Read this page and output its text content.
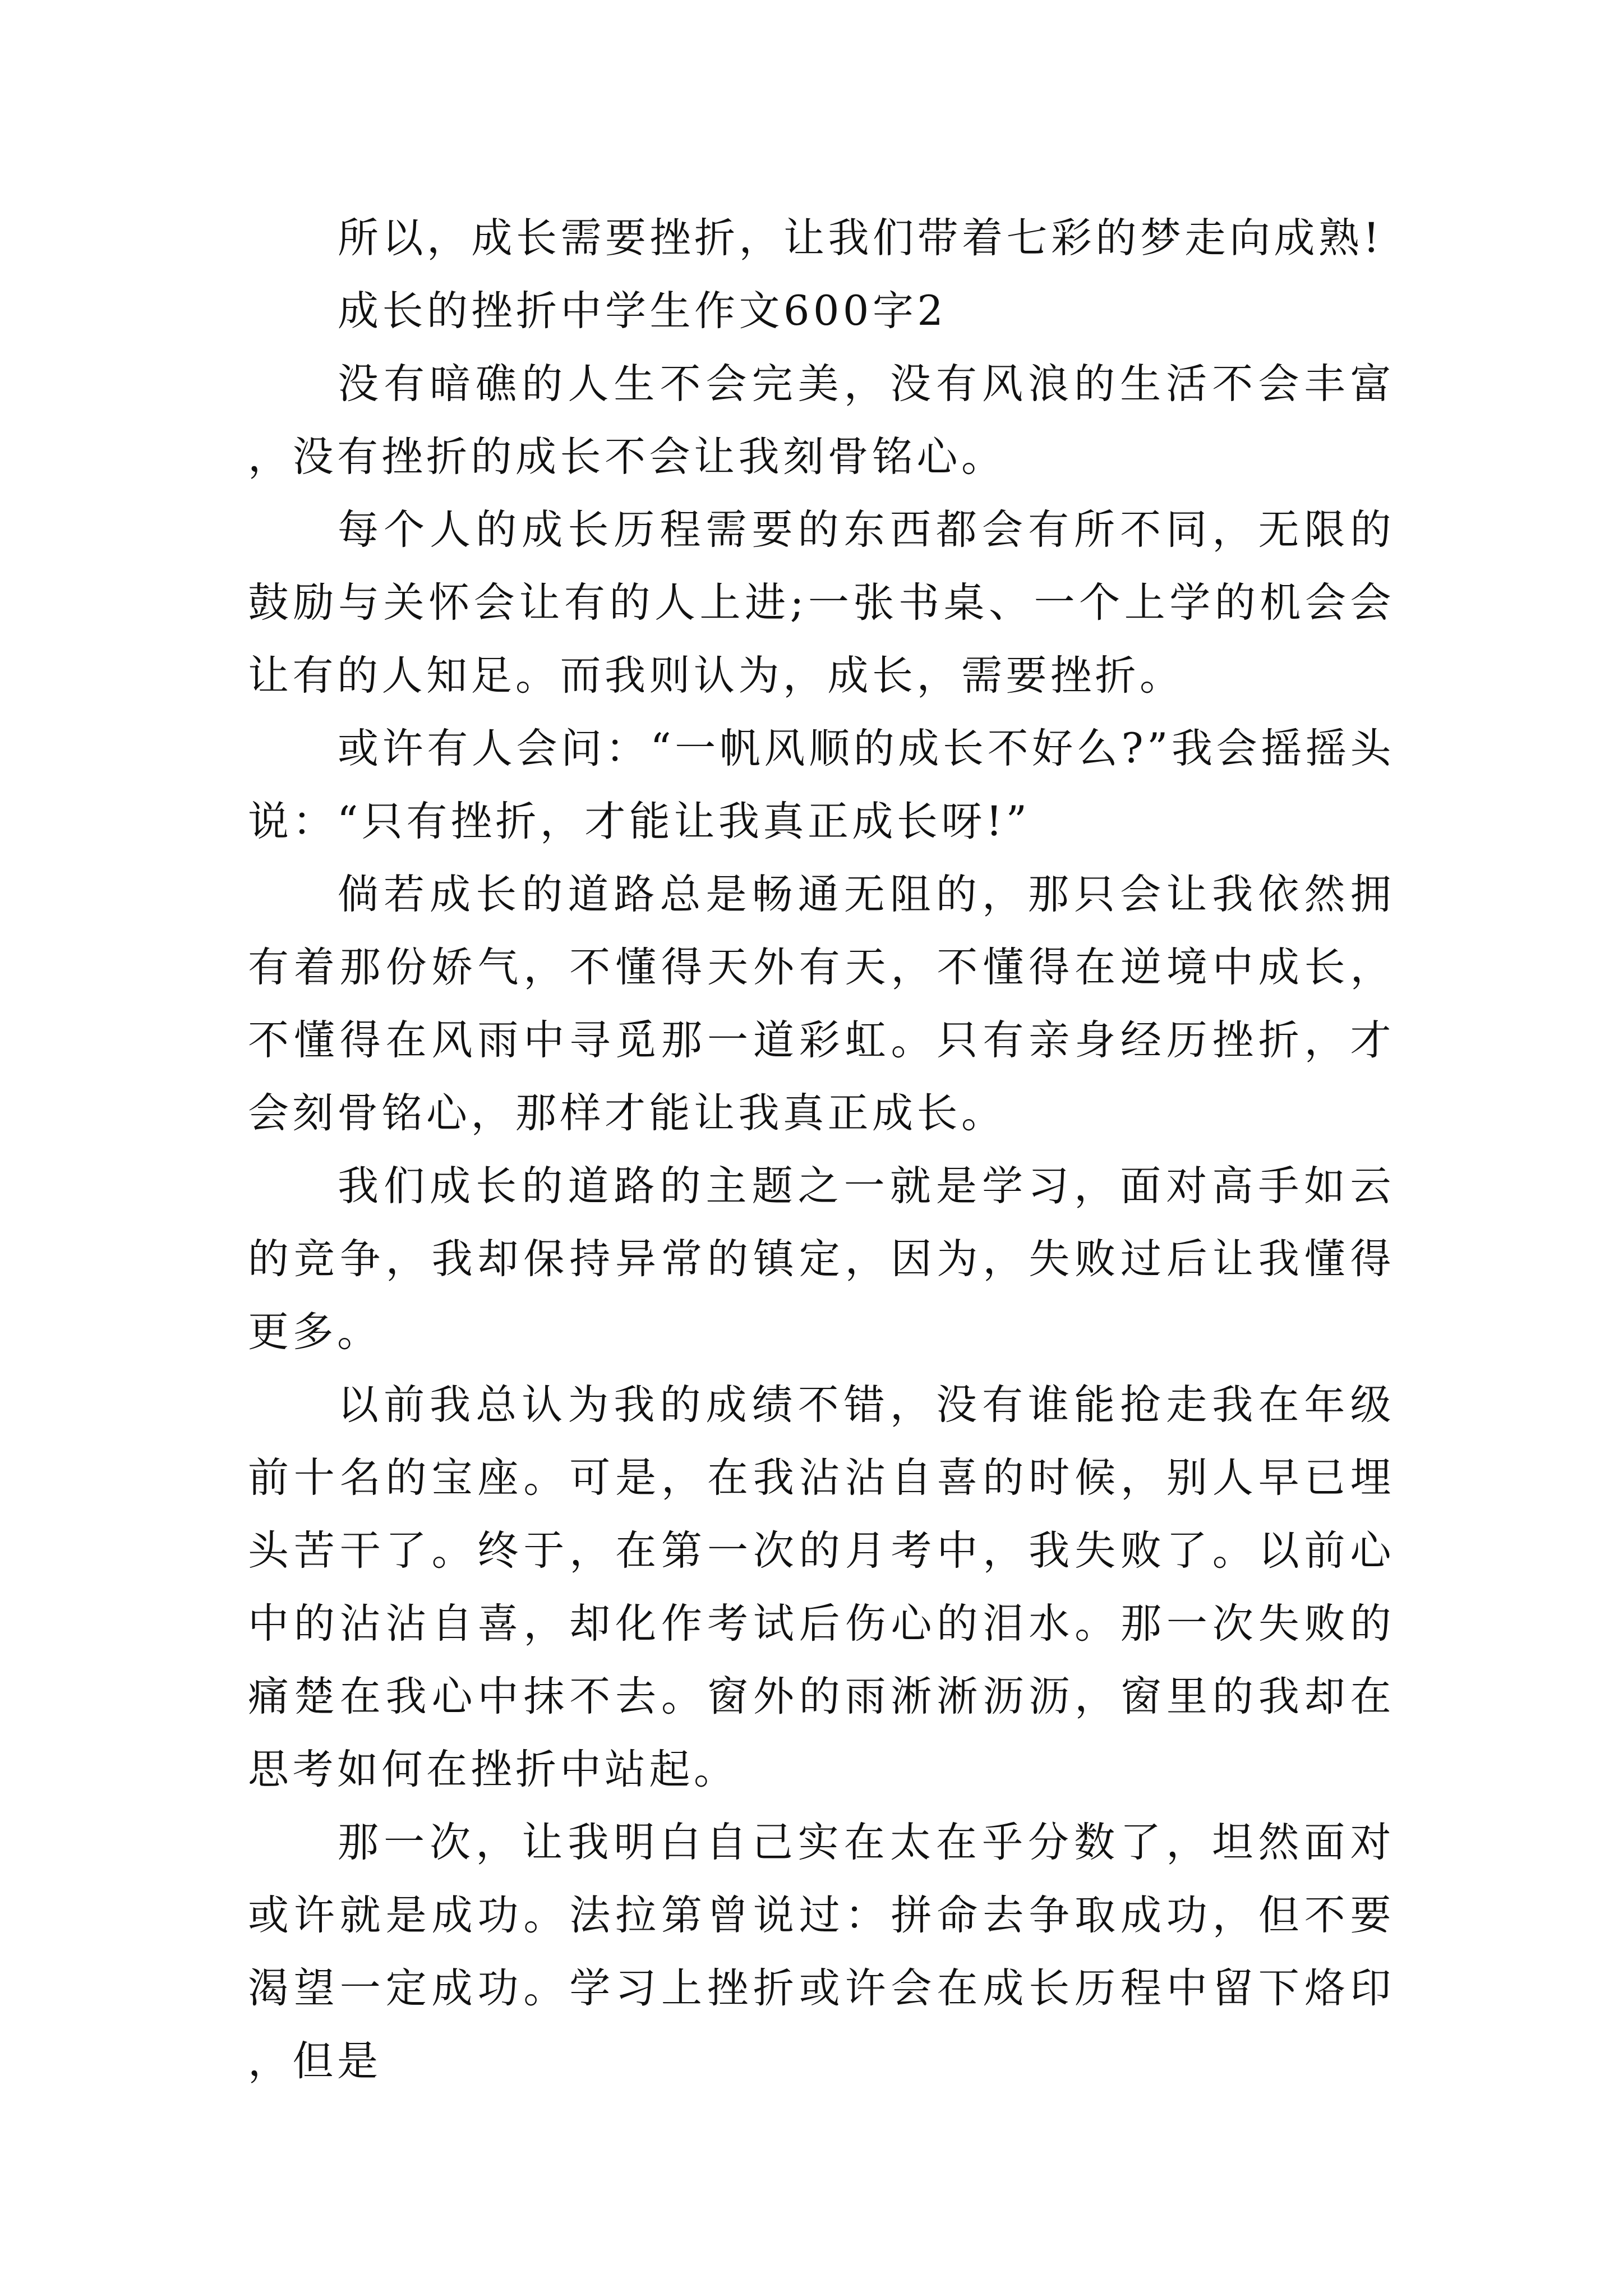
所以，成长需要挫折，让我们带着七彩的梦走向成熟!

成长的挫折中学生作文600字2

没有暗礁的人生不会完美，没有风浪的生活不会丰富，没有挫折的成长不会让我刻骨铭心。

每个人的成长历程需要的东西都会有所不同，无限的鼓励与关怀会让有的人上进;一张书桌、一个上学的机会会让有的人知足。而我则认为，成长，需要挫折。

或许有人会问：“一帆风顺的成长不好么?”我会摇摇头说：“只有挫折，才能让我真正成长呀!”

倘若成长的道路总是畅通无阻的，那只会让我依然拥有着那份娇气，不懂得天外有天，不懂得在逆境中成长，不懂得在风雨中寻觅那一道彩虹。只有亲身经历挫折，才会刻骨铭心，那样才能让我真正成长。

我们成长的道路的主题之一就是学习，面对高手如云的竞争，我却保持异常的镇定，因为，失败过后让我懂得更多。

以前我总认为我的成绩不错，没有谁能抢走我在年级前十名的宝座。可是，在我沾沾自喜的时候，别人早已埋头苦干了。终于，在第一次的月考中，我失败了。以前心中的沾沾自喜，却化作考试后伤心的泪水。那一次失败的痛楚在我心中抹不去。窗外的雨淅淅沥沥，窗里的我却在思考如何在挫折中站起。

那一次，让我明白自己实在太在乎分数了，坦然面对或许就是成功。法拉第曾说过：拼命去争取成功，但不要渴望一定成功。学习上挫折或许会在成长历程中留下烙印，但是
